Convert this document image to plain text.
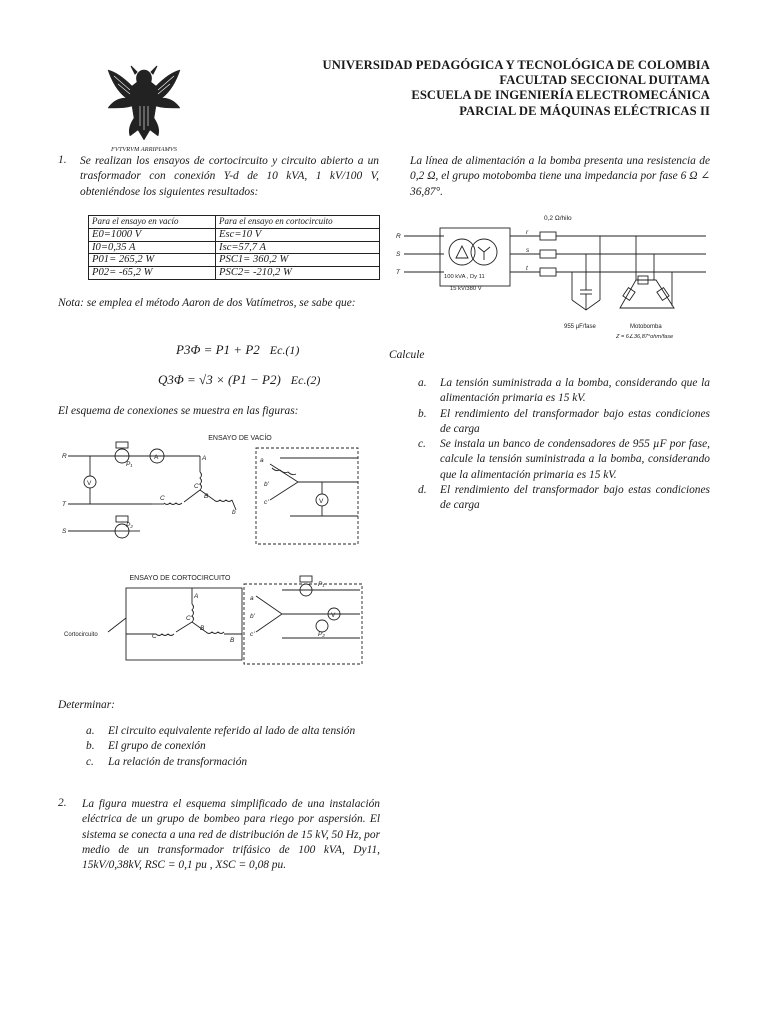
FVTVRVM ARRIPIAMVS
UNIVERSIDAD PEDAGÓGICA Y TECNOLÓGICA DE COLOMBIA
FACULTAD SECCIONAL DUITAMA
ESCUELA DE INGENIERÍA ELECTROMECÁNICA
PARCIAL DE MÁQUINAS ELÉCTRICAS II
1. Se realizan los ensayos de cortocircuito y circuito abierto a un trasformador con conexión Y-d de 10 kVA, 1 kV/100 V, obteniéndose los siguientes resultados:
Para el ensayo en vacío	Para el ensayo en cortocircuito
E0=1000 V	Esc=10 V
I0=0,35 A	Isc=57,7 A
P01= 265,2 W	PSC1= 360,2 W
P02= -65,2 W	PSC2= -210,2 W
Nota: se emplea el método Aaron de dos Vatímetros, se sabe que:
P3Φ = P1 + P2 Ec.(1)
Q3Φ = √3 × (P1 − P2) Ec.(2)
El esquema de conexiones se muestra en las figuras:
ENSAYO DE VACÍO
R
T
S
P₁
P₂
A	A
C
C'
B
b
a
b'
c'	V
V
ENSAYO DE CORTOCIRCUITO
Cortocircuito
A
C
C'
B
B
a
b'
c'
P₁
P₂
V
Determinar:
a. El circuito equivalente referido al lado de alta tensión
b. El grupo de conexión
c. La relación de transformación
2. La figura muestra el esquema simplificado de una instalación eléctrica de un grupo de bombeo para riego por aspersión. El sistema se conecta a una red de distribución de 15 kV, 50 Hz, por medio de un transformador trifásico de 100 kVA, Dy11, 15kV/0,38kV, RSC = 0,1 pu , XSC = 0,08 pu.
La línea de alimentación a la bomba presenta una resistencia de 0,2 Ω, el grupo motobomba tiene una impedancia por fase 6 Ω ∠ 36,87°.
0,2 Ω/hilo
R
S
T
r
s
t
100 kVA , Dy 11
15 kV/380 V
955 µF/fase	Motobomba
Z = 6∠36,87°ohm/fase
Calcule
a. La tensión suministrada a la bomba, considerando que la alimentación primaria es 15 kV.
b. El rendimiento del transformador bajo estas condiciones de carga
c. Se instala un banco de condensadores de 955 µF por fase, calcule la tensión suministrada a la bomba, considerando que la alimentación primaria es 15 kV.
d. El rendimiento del transformador bajo estas condiciones de carga
